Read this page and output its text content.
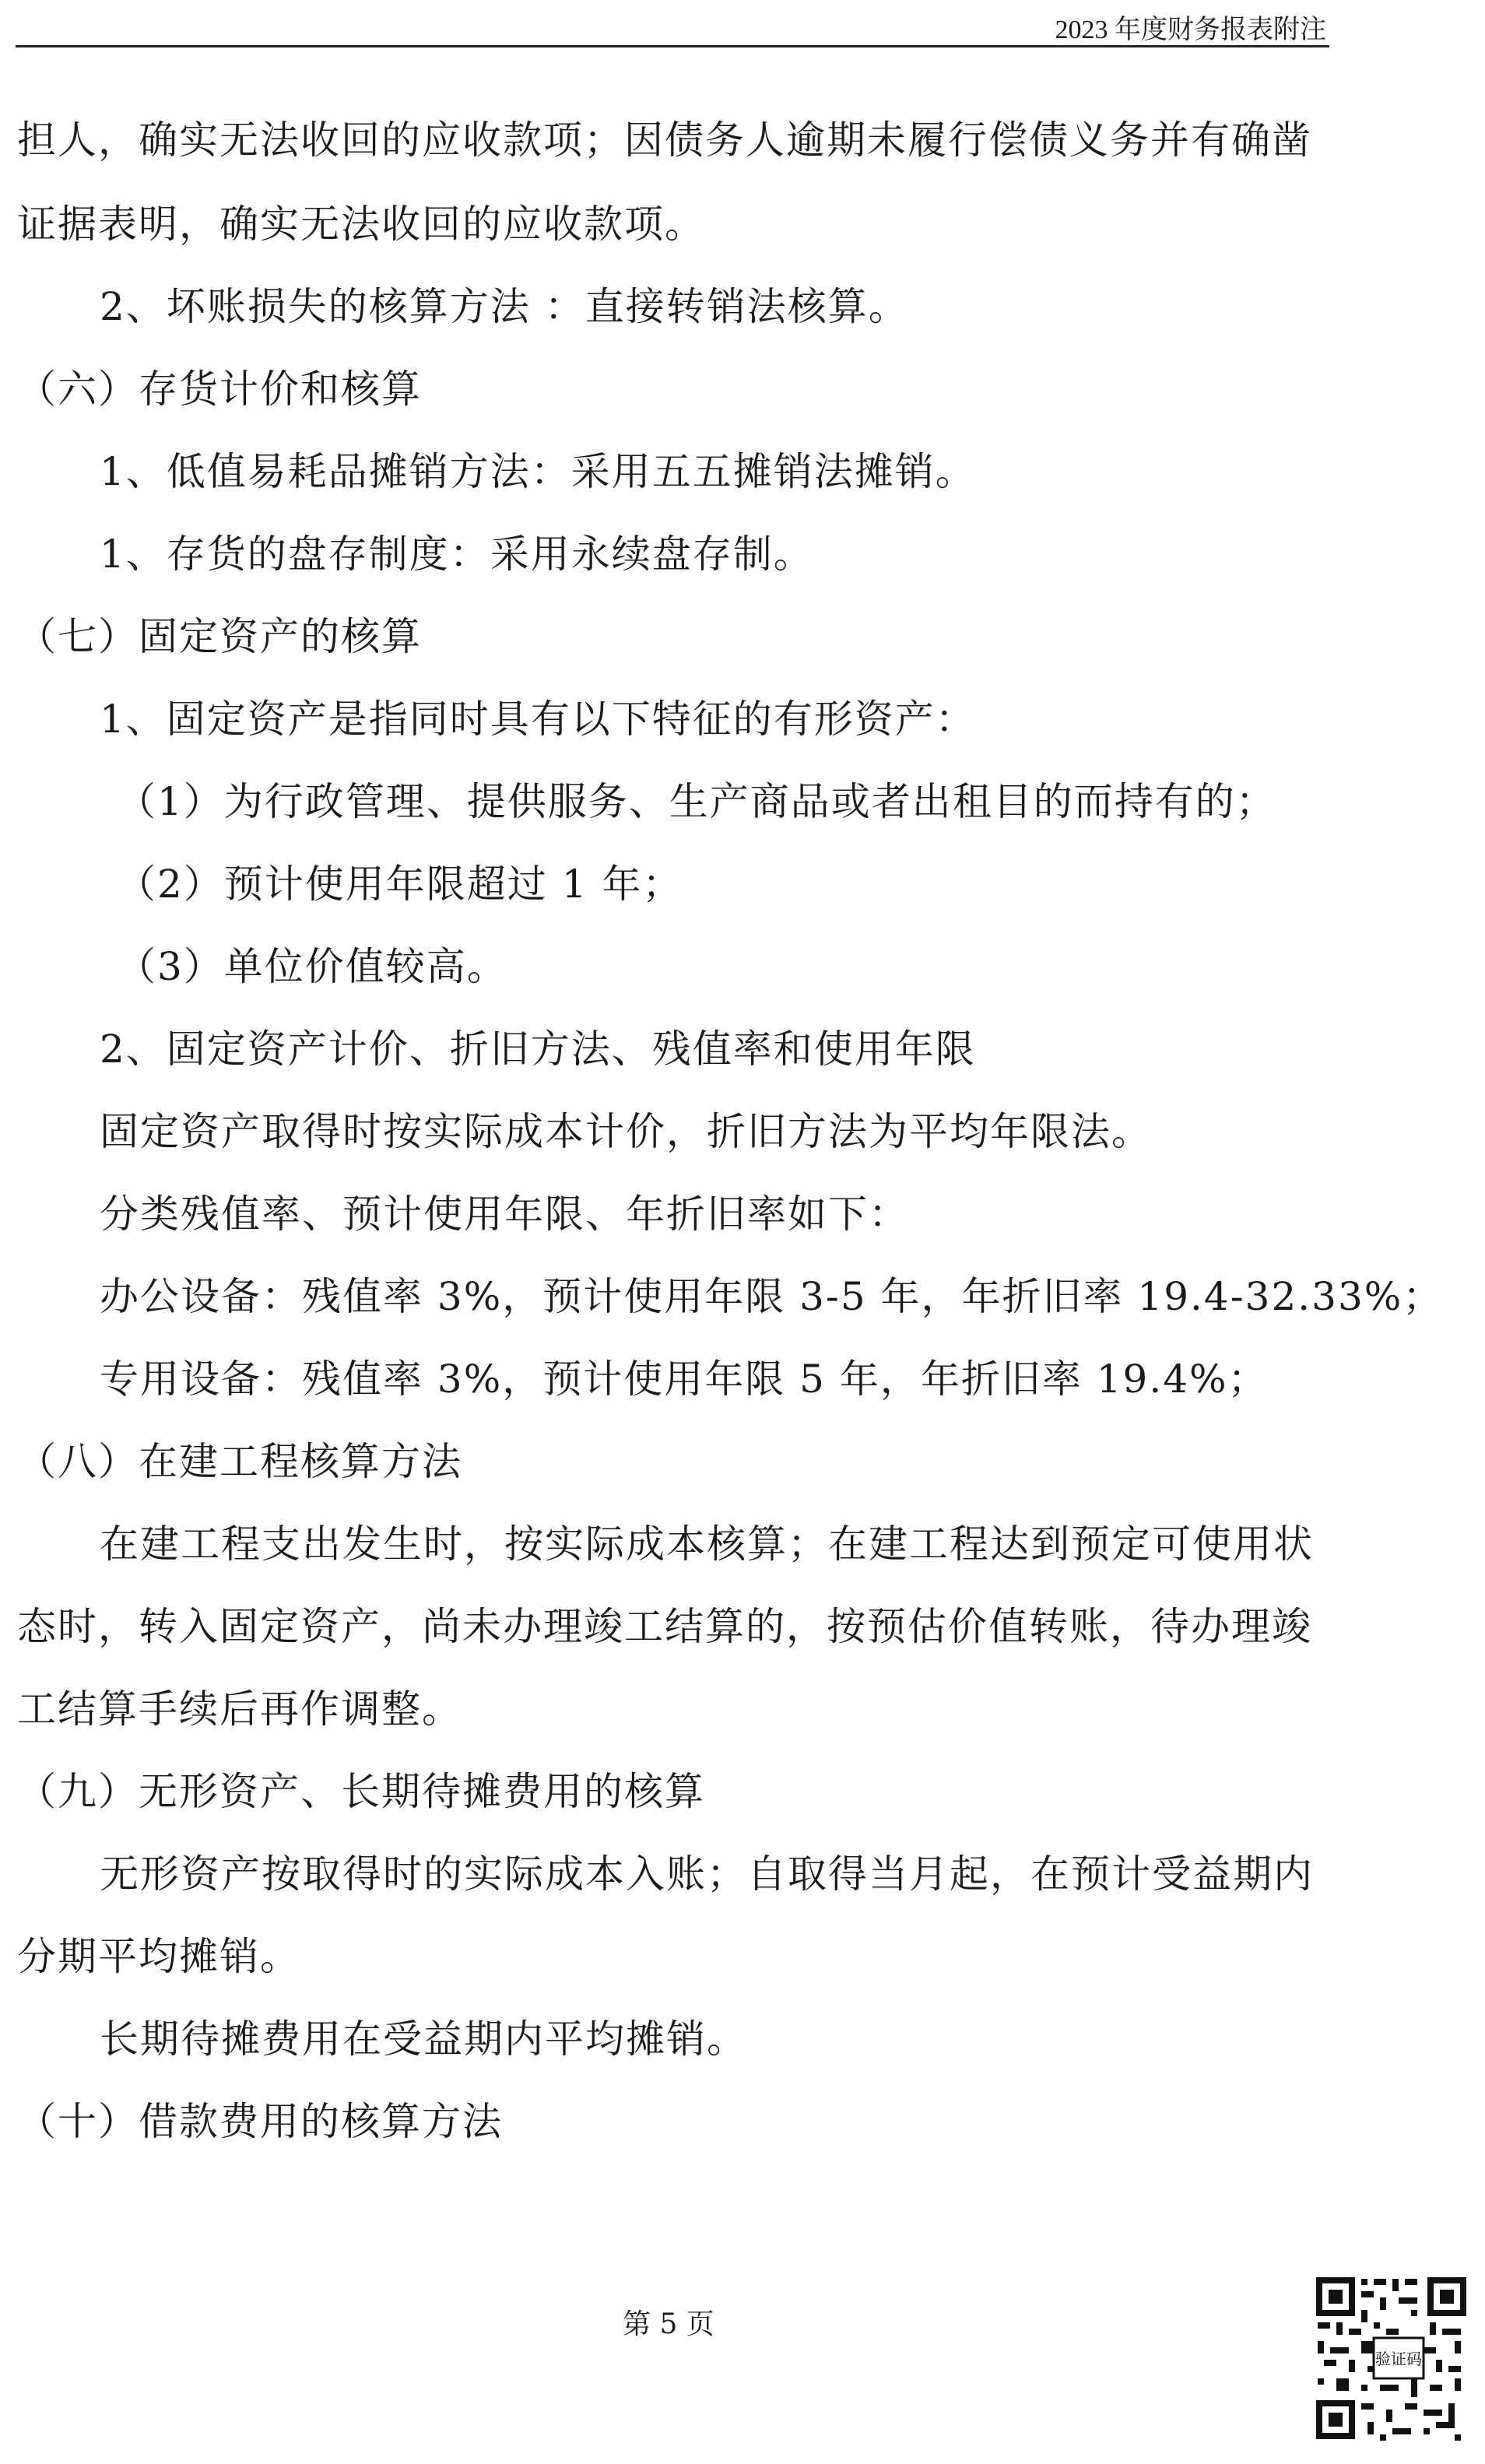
2023 年度财务报表附注
担人，确实无法收回的应收款项；因债务人逾期未履行偿债义务并有确凿
证据表明，确实无法收回的应收款项。
2、坏账损失的核算方法 ：直接转销法核算。
（六）存货计价和核算
1、低值易耗品摊销方法：采用五五摊销法摊销。
1、存货的盘存制度：采用永续盘存制。
（七）固定资产的核算
1、固定资产是指同时具有以下特征的有形资产：
（1）为行政管理、提供服务、生产商品或者出租目的而持有的；
（2）预计使用年限超过 1 年；
（3）单位价值较高。
2、固定资产计价、折旧方法、残值率和使用年限
固定资产取得时按实际成本计价，折旧方法为平均年限法。
分类残值率、预计使用年限、年折旧率如下：
办公设备：残值率 3%，预计使用年限 3-5 年，年折旧率 19.4-32.33%；
专用设备：残值率 3%，预计使用年限 5 年，年折旧率 19.4%；
（八）在建工程核算方法
在建工程支出发生时，按实际成本核算；在建工程达到预定可使用状
态时，转入固定资产，尚未办理竣工结算的，按预估价值转账，待办理竣
工结算手续后再作调整。
（九）无形资产、长期待摊费用的核算
无形资产按取得时的实际成本入账；自取得当月起，在预计受益期内
分期平均摊销。
长期待摊费用在受益期内平均摊销。
（十）借款费用的核算方法
第 5 页
验证码
